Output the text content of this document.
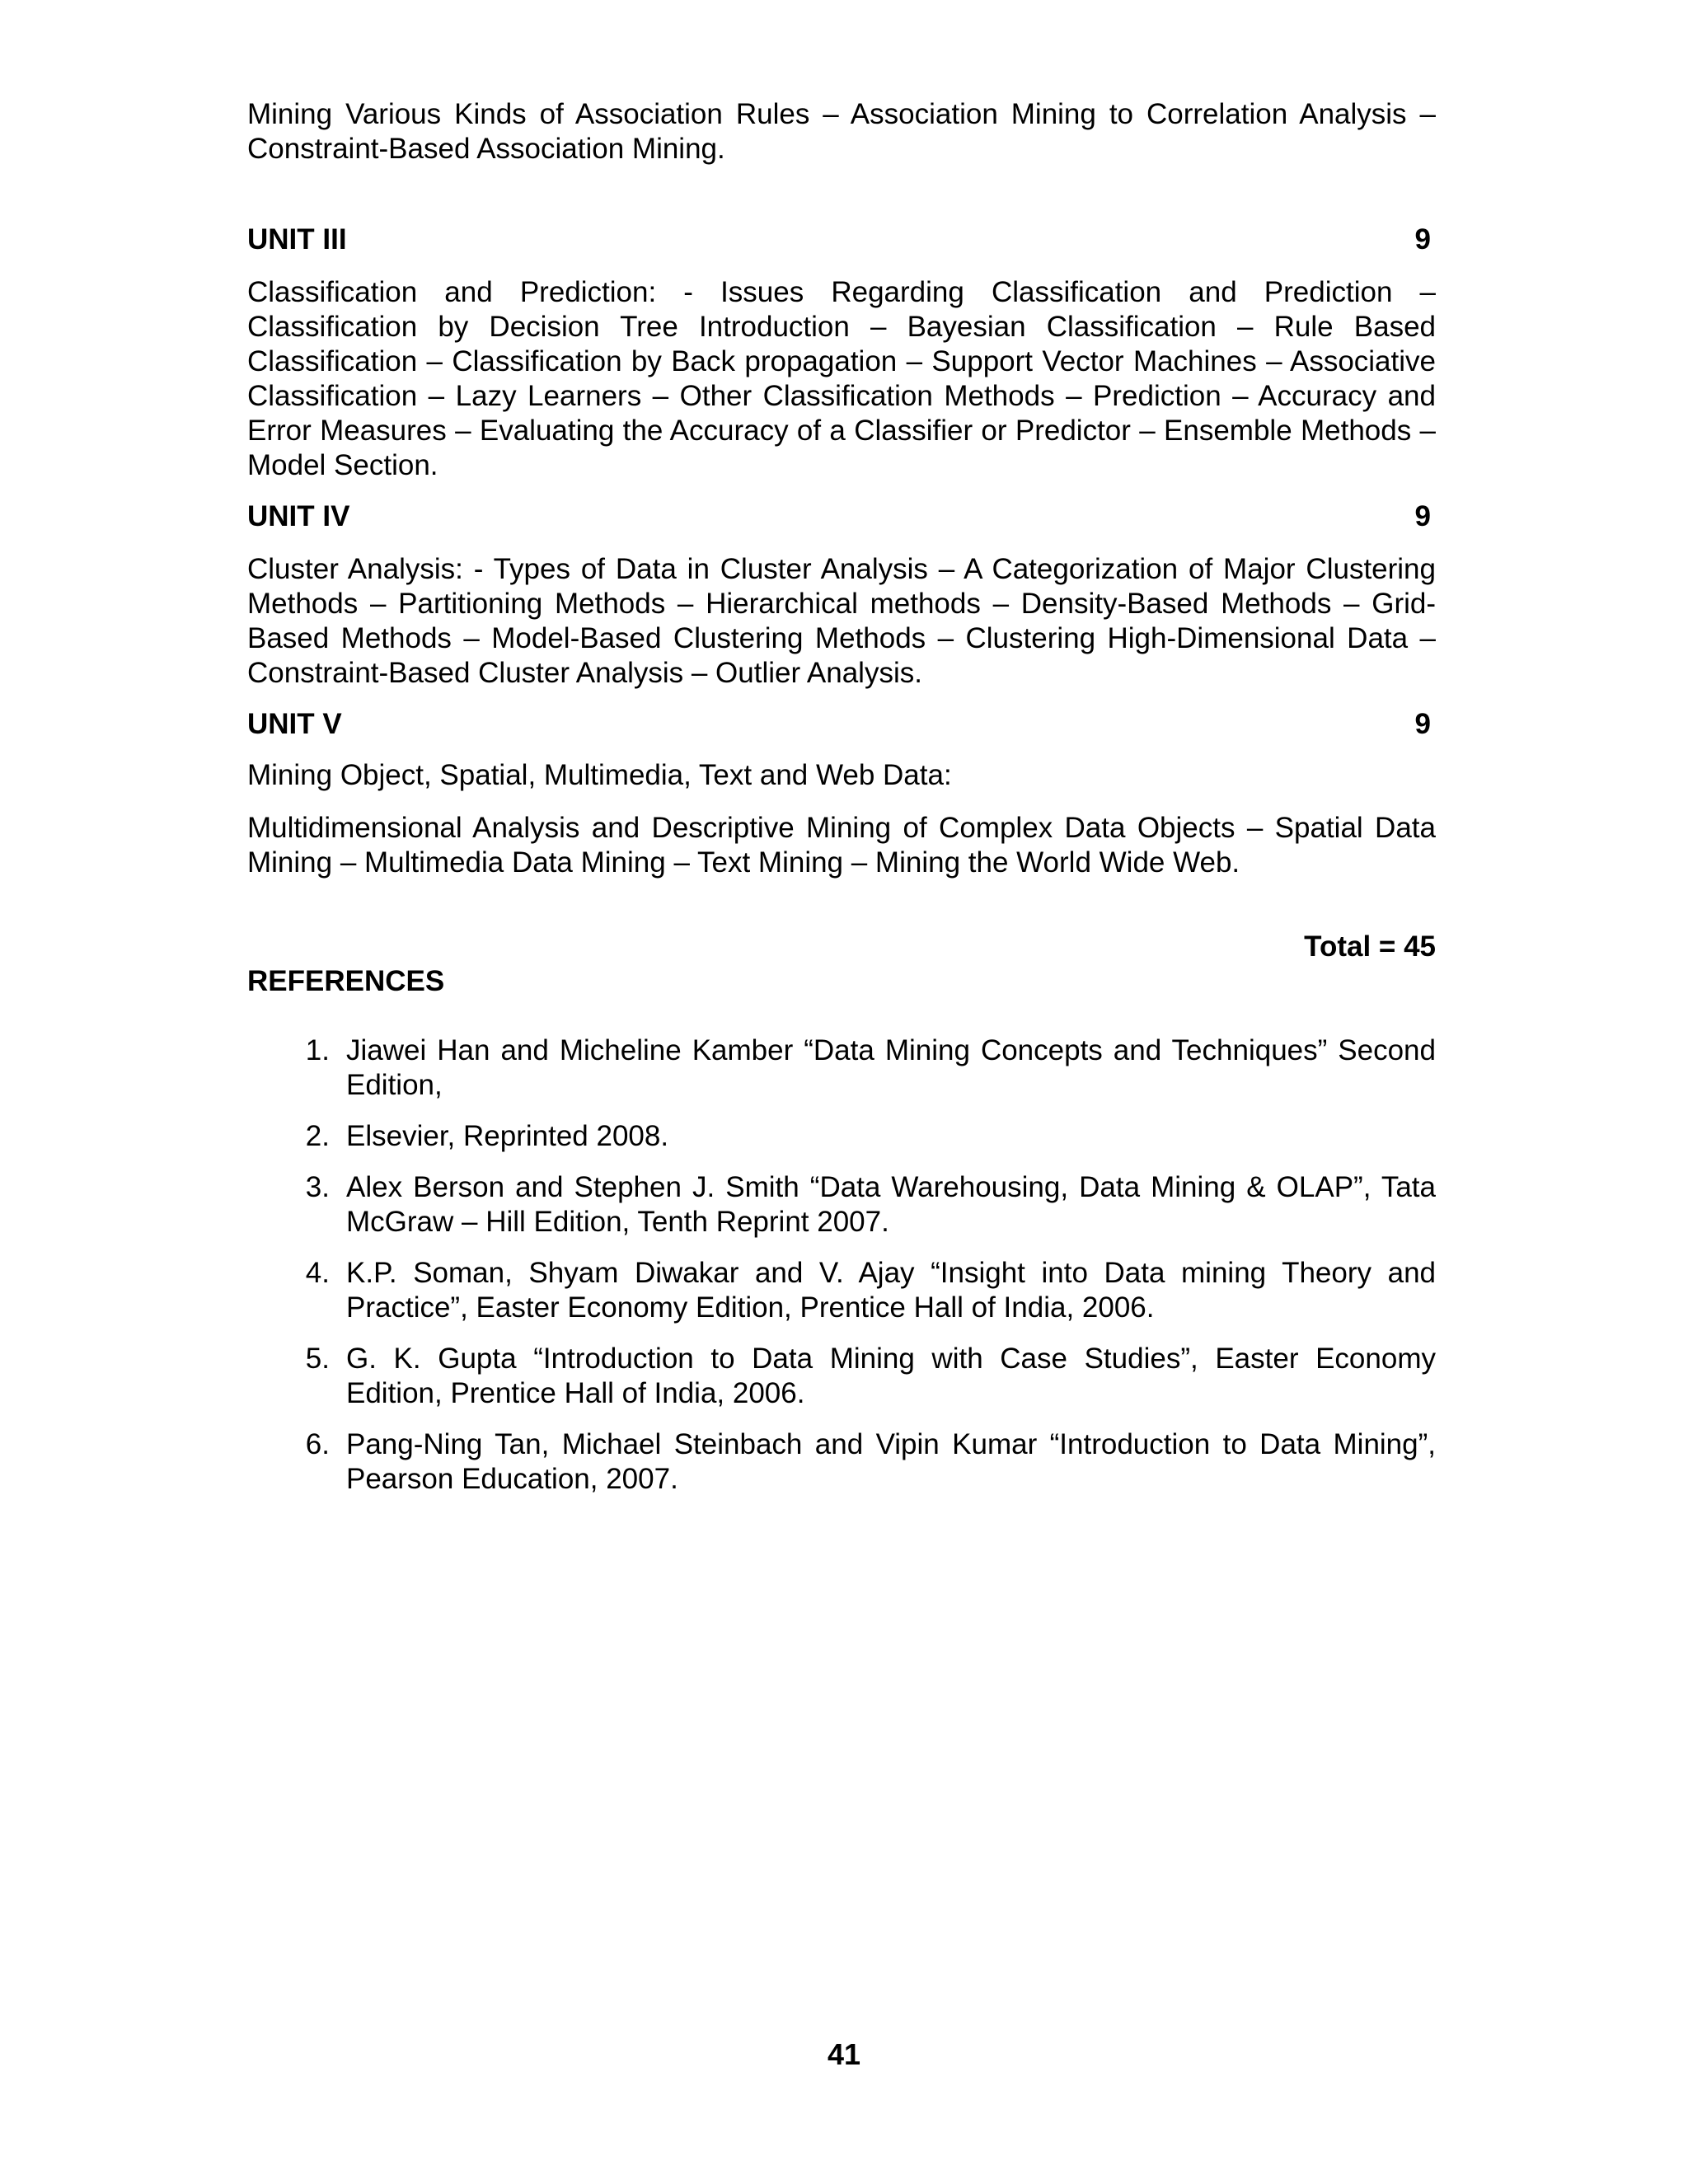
Mining Various Kinds of Association Rules – Association Mining to Correlation Analysis – Constraint-Based Association Mining.

UNIT III	9

Classification and Prediction: - Issues Regarding Classification and Prediction – Classification by Decision Tree Introduction – Bayesian Classification – Rule Based Classification – Classification by Back propagation – Support Vector Machines – Associative Classification – Lazy Learners – Other Classification Methods – Prediction – Accuracy and Error Measures – Evaluating the Accuracy of a Classifier or Predictor – Ensemble Methods – Model Section.

UNIT IV	9

Cluster Analysis: - Types of Data in Cluster Analysis – A Categorization of Major Clustering Methods – Partitioning Methods – Hierarchical methods – Density-Based Methods – Grid-Based Methods – Model-Based Clustering Methods – Clustering High-Dimensional Data – Constraint-Based Cluster Analysis – Outlier Analysis.

UNIT V	9

Mining Object, Spatial, Multimedia, Text and Web Data:

Multidimensional Analysis and Descriptive Mining of Complex Data Objects – Spatial Data Mining – Multimedia Data Mining – Text Mining – Mining the World Wide Web.

Total = 45

REFERENCES

1. Jiawei Han and Micheline Kamber “Data Mining Concepts and Techniques” Second Edition,
2. Elsevier, Reprinted 2008.
3. Alex Berson and Stephen J. Smith “Data Warehousing, Data Mining & OLAP”, Tata McGraw – Hill Edition, Tenth Reprint 2007.
4. K.P. Soman, Shyam Diwakar and V. Ajay “Insight into Data mining Theory and Practice”, Easter Economy Edition, Prentice Hall of India, 2006.
5. G. K. Gupta “Introduction to Data Mining with Case Studies”, Easter Economy Edition, Prentice Hall of India, 2006.
6. Pang-Ning Tan, Michael Steinbach and Vipin Kumar “Introduction to Data Mining”, Pearson Education, 2007.
41
